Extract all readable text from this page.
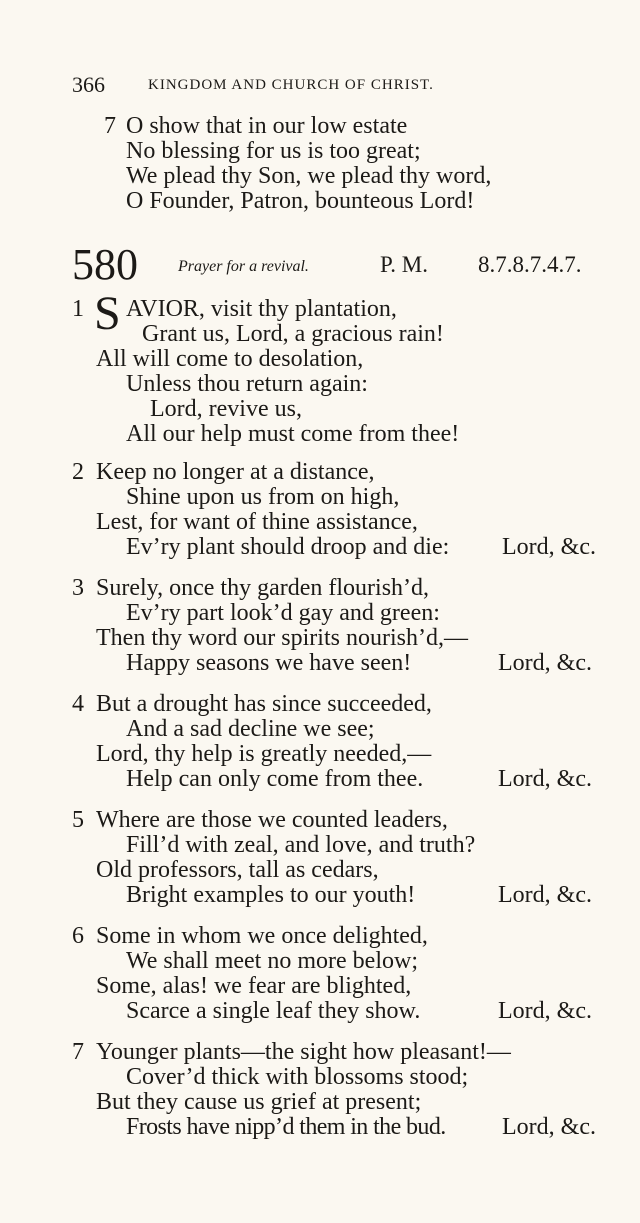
366	KINGDOM AND CHURCH OF CHRIST.
7 O show that in our low estate
No blessing for us is too great;
We plead thy Son, we plead thy word,
O Founder, Patron, bounteous Lord!
580	Prayer for a revival.	P. M. 8.7.8.7.4.7.
1 S AVIOR, visit thy plantation,
Grant us, Lord, a gracious rain!
All will come to desolation,
Unless thou return again:
Lord, revive us,
All our help must come from thee!
2 Keep no longer at a distance,
Shine upon us from on high,
Lest, for want of thine assistance,
Ev’ry plant should droop and die: Lord, &c.
3 Surely, once thy garden flourish’d,
Ev’ry part look’d gay and green:
Then thy word our spirits nourish’d,—
Happy seasons we have seen!	Lord, &c.
4 But a drought has since succeeded,
And a sad decline we see;
Lord, thy help is greatly needed,—
Help can only come from thee.	Lord, &c.
5 Where are those we counted leaders,
Fill’d with zeal, and love, and truth?
Old professors, tall as cedars,
Bright examples to our youth!	Lord, &c.
6 Some in whom we once delighted,
We shall meet no more below;
Some, alas! we fear are blighted,
Scarce a single leaf they show.	Lord, &c.
7 Younger plants—the sight how pleasant!—
Cover’d thick with blossoms stood;
But they cause us grief at present;
Frosts have nipp’d them in the bud. Lord, &c.
